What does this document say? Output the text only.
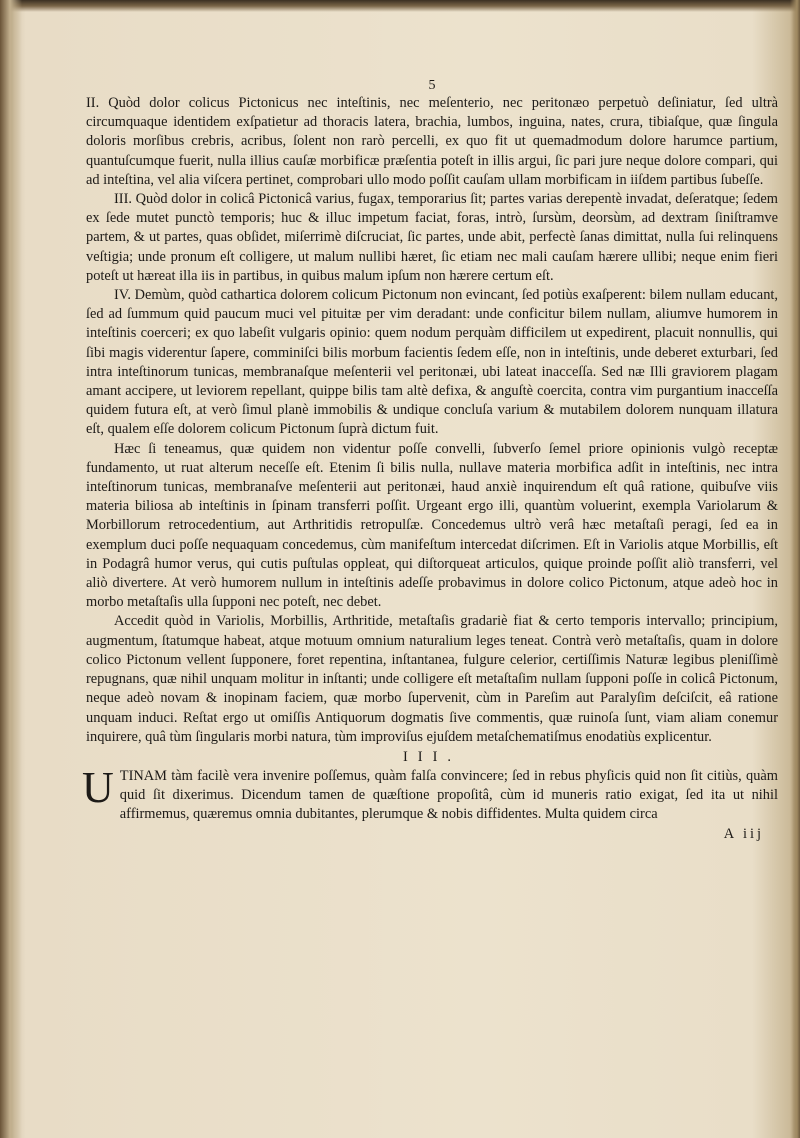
5

II. Quòd dolor colicus Pictonicus nec inteſtinis, nec meſenterio, nec peritonæo perpetuò deſiniatur, ſed ultrà circumquaque identidem exſpatietur ad thoracis latera, brachia, lumbos, inguina, nates, crura, tibiaſque, quæ ſingula doloris morſibus crebris, acribus, ſolent non rarò percelli, ex quo fit ut quemadmodum dolore harumce partium, quantuſcumque fuerit, nulla illius cauſæ morbificæ præſentia poteſt in illis argui, ſic pari jure neque dolore compari, qui ad inteſtina, vel alia viſcera pertinet, comprobari ullo modo poſſit cauſam ullam morbificam in iiſdem partibus ſubeſſe.

III. Quòd dolor in colicâ Pictonicâ varius, fugax, temporarius ſit; partes varias derepentè invadat, deſeratque; ſedem ex ſede mutet punctò temporis; huc & illuc impetum faciat, foras, intrò, ſursùm, deorsùm, ad dextram ſiniſtramve partem, & ut partes, quas obſidet, miſerrimè diſcruciat, ſic partes, unde abit, perfectè ſanas dimittat, nulla ſui relinquens veſtigia; unde pronum eſt colligere, ut malum nullibi hæret, ſic etiam nec mali cauſam hærere ullibi; neque enim fieri poteſt ut hæreat illa iis in partibus, in quibus malum ipſum non hærere certum eſt.

IV. Demùm, quòd cathartica dolorem colicum Pictonum non evincant, ſed potiùs exaſperent: bilem nullam educant, ſed ad ſummum quid paucum muci vel pituitæ per vim deradant: unde conficitur bilem nullam, aliumve humorem in inteſtinis coerceri; ex quo labeſit vulgaris opinio: quem nodum perquàm difficilem ut expedirent, placuit nonnullis, qui ſibi magis viderentur ſapere, comminiſci bilis morbum facientis ſedem eſſe, non in inteſtinis, unde deberet exturbari, ſed intra inteſtinorum tunicas, membranaſque meſenterii vel peritonæi, ubi lateat inacceſſa. Sed næ Illi graviorem plagam amant accipere, ut leviorem repellant, quippe bilis tam altè defixa, & anguſtè coercita, contra vim purgantium inacceſſa quidem futura eſt, at verò ſimul planè immobilis & undique concluſa varium & mutabilem dolorem nunquam illatura eſt, qualem eſſe dolorem colicum Pictonum ſuprà dictum fuit.

Hæc ſi teneamus, quæ quidem non videntur poſſe convelli, ſubverſo ſemel priore opinionis vulgò receptæ fundamento, ut ruat alterum neceſſe eſt. Etenim ſi bilis nulla, nullave materia morbifica adſit in inteſtinis, nec intra inteſtinorum tunicas, membranaſve meſenterii aut peritonæi, haud anxiè inquirendum eſt quâ ratione, quibuſve viis materia biliosa ab inteſtinis in ſpinam transferri poſſit. Urgeant ergo illi, quantùm voluerint, exempla Variolarum & Morbillorum retrocedentium, aut Arthritidis retropulſæ. Concedemus ultrò verâ hæc metaſtaſi peragi, ſed ea in exemplum duci poſſe nequaquam concedemus, cùm manifeſtum intercedat diſcrimen. Eſt in Variolis atque Morbillis, eſt in Podagrâ humor verus, qui cutis puſtulas oppleat, qui diſtorqueat articulos, quique proinde poſſit aliò transferri, vel aliò divertere. At verò humorem nullum in inteſtinis adeſſe probavimus in dolore colico Pictonum, atque adeò hoc in morbo metaſtaſis ulla ſupponi nec poteſt, nec debet.

Accedit quòd in Variolis, Morbillis, Arthritide, metaſtaſis gradariè fiat & certo temporis intervallo; principium, augmentum, ſtatumque habeat, atque motuum omnium naturalium leges teneat. Contrà verò metaſtaſis, quam in dolore colico Pictonum vellent ſupponere, foret repentina, inſtantanea, fulgure celerior, certiſſimis Naturæ legibus pleniſſimè repugnans, quæ nihil unquam molitur in inſtanti; unde colligere eſt metaſtaſim nullam ſupponi poſſe in colicâ Pictonum, neque adeò novam & inopinam faciem, quæ morbo ſupervenit, cùm in Pareſim aut Paralyſim deſciſcit, eâ ratione unquam induci. Reſtat ergo ut omiſſis Antiquorum dogmatis ſive commentis, quæ ruinoſa ſunt, viam aliam conemur inquirere, quâ tùm ſingularis morbi natura, tùm improviſus ejuſdem metaſchematiſmus enodatiùs explicentur.

III.
U TINAM tàm facilè vera invenire poſſemus, quàm falſa convincere; ſed in rebus phyſicis quid non ſit citiùs, quàm quid ſit dixerimus. Dicendum tamen de quæſtione propoſitâ, cùm id muneris ratio exigat, ſed ita ut nihil affirmemus, quæremus omnia dubitantes, plerumque & nobis diffidentes. Multa quidem circa

A iij
